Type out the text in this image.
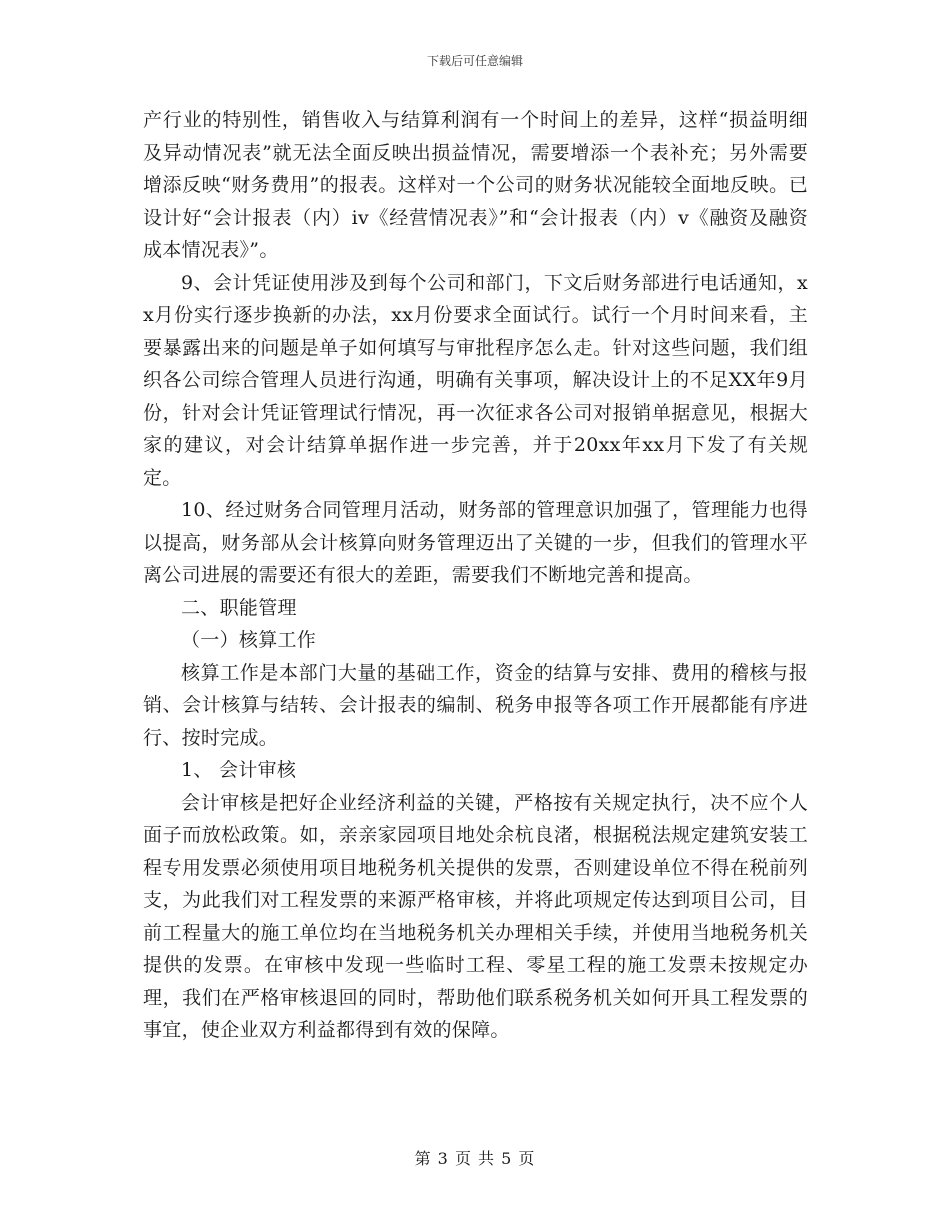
下载后可任意编辑

产行业的特别性，销售收入与结算利润有一个时间上的差异，这样“损益明细及异动情况表”就无法全面反映出损益情况，需要增添一个表补充；另外需要增添反映“财务费用”的报表。这样对一个公司的财务状况能较全面地反映。已设计好“会计报表（内）iv《经营情况表》”和“会计报表（内）v《融资及融资成本情况表》”。

9、会计凭证使用涉及到每个公司和部门，下文后财务部进行电话通知，xx月份实行逐步换新的办法，xx月份要求全面试行。试行一个月时间来看，主要暴露出来的问题是单子如何填写与审批程序怎么走。针对这些问题，我们组织各公司综合管理人员进行沟通，明确有关事项，解决设计上的不足XX年9月份，针对会计凭证管理试行情况，再一次征求各公司对报销单据意见，根据大家的建议，对会计结算单据作进一步完善，并于20xx年xx月下发了有关规定。

10、经过财务合同管理月活动，财务部的管理意识加强了，管理能力也得以提高，财务部从会计核算向财务管理迈出了关键的一步，但我们的管理水平离公司进展的需要还有很大的差距，需要我们不断地完善和提高。

二、职能管理

（一）核算工作

核算工作是本部门大量的基础工作，资金的结算与安排、费用的稽核与报销、会计核算与结转、会计报表的编制、税务申报等各项工作开展都能有序进行、按时完成。

1、 会计审核

会计审核是把好企业经济利益的关键，严格按有关规定执行，决不应个人面子而放松政策。如，亲亲家园项目地处余杭良渚，根据税法规定建筑安装工程专用发票必须使用项目地税务机关提供的发票，否则建设单位不得在税前列支，为此我们对工程发票的来源严格审核，并将此项规定传达到项目公司，目前工程量大的施工单位均在当地税务机关办理相关手续，并使用当地税务机关提供的发票。在审核中发现一些临时工程、零星工程的施工发票未按规定办理，我们在严格审核退回的同时，帮助他们联系税务机关如何开具工程发票的事宜，使企业双方利益都得到有效的保障。

第 3 页 共 5 页
